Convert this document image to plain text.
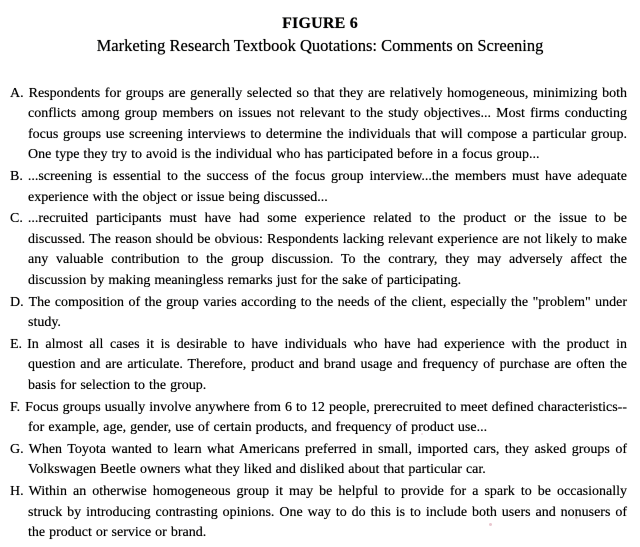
FIGURE 6
Marketing Research Textbook Quotations: Comments on Screening
A. Respondents for groups are generally selected so that they are relatively homogeneous, minimizing both conflicts among group members on issues not relevant to the study objectives... Most firms conducting focus groups use screening interviews to determine the individuals that will compose a particular group. One type they try to avoid is the individual who has participated before in a focus group...
B. ...screening is essential to the success of the focus group interview...the members must have adequate experience with the object or issue being discussed...
C. ...recruited participants must have had some experience related to the product or the issue to be discussed. The reason should be obvious: Respondents lacking relevant experience are not likely to make any valuable contribution to the group discussion. To the contrary, they may adversely affect the discussion by making meaningless remarks just for the sake of participating.
D. The composition of the group varies according to the needs of the client, especially the "problem" under study.
E. In almost all cases it is desirable to have individuals who have had experience with the product in question and are articulate. Therefore, product and brand usage and frequency of purchase are often the basis for selection to the group.
F. Focus groups usually involve anywhere from 6 to 12 people, prerecruited to meet defined characteristics--for example, age, gender, use of certain products, and frequency of product use...
G. When Toyota wanted to learn what Americans preferred in small, imported cars, they asked groups of Volkswagen Beetle owners what they liked and disliked about that particular car.
H. Within an otherwise homogeneous group it may be helpful to provide for a spark to be occasionally struck by introducing contrasting opinions. One way to do this is to include both users and nonusers of the product or service or brand.
